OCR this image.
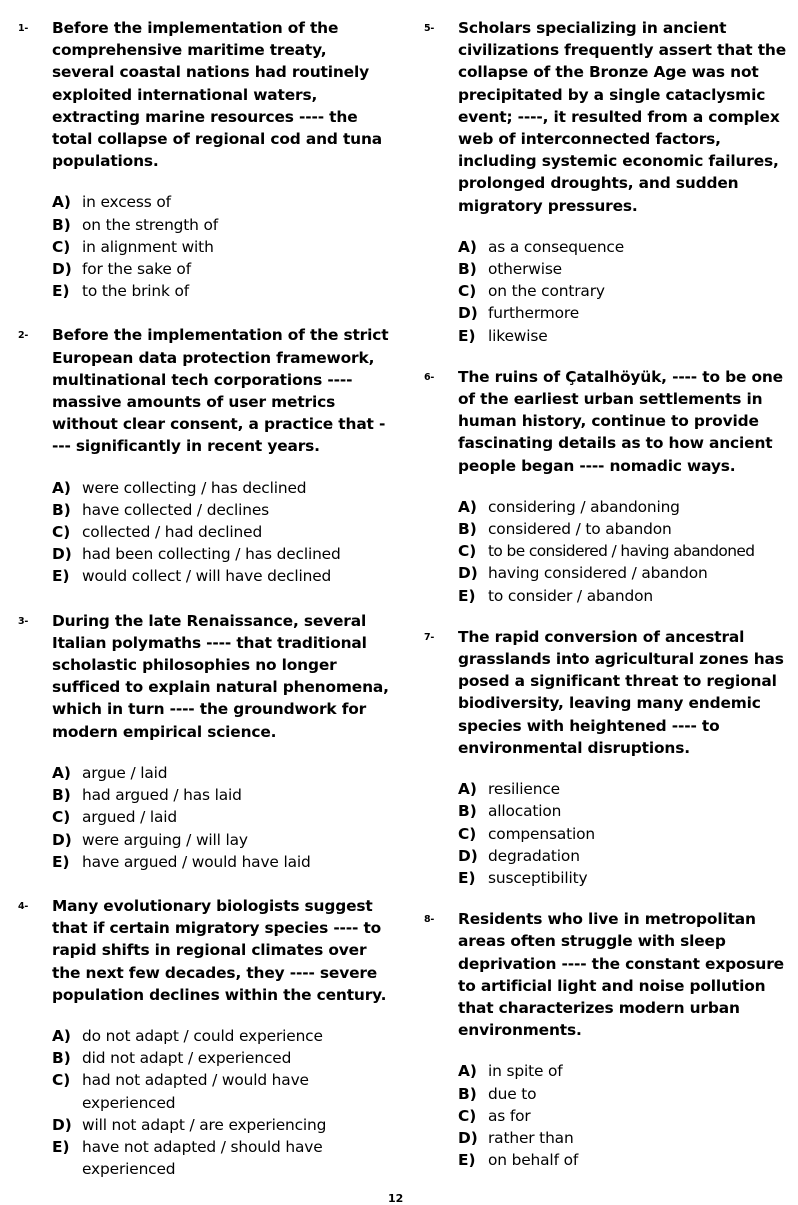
1- Before the implementation of the comprehensive maritime treaty, several coastal nations had routinely exploited international waters, extracting marine resources ---- the total collapse of regional cod and tuna populations.

A) in excess of
B) on the strength of
C) in alignment with
D) for the sake of
E) to the brink of
2- Before the implementation of the strict European data protection framework, multinational tech corporations ---- massive amounts of user metrics without clear consent, a practice that ---- significantly in recent years.

A) were collecting / has declined
B) have collected / declines
C) collected / had declined
D) had been collecting / has declined
E) would collect / will have declined
3- During the late Renaissance, several Italian polymaths ---- that traditional scholastic philosophies no longer sufficed to explain natural phenomena, which in turn ---- the groundwork for modern empirical science.

A) argue / laid
B) had argued / has laid
C) argued / laid
D) were arguing / will lay
E) have argued / would have laid
4- Many evolutionary biologists suggest that if certain migratory species ---- to rapid shifts in regional climates over the next few decades, they ---- severe population declines within the century.

A) do not adapt / could experience
B) did not adapt / experienced
C) had not adapted / would have experienced
D) will not adapt / are experiencing
E) have not adapted / should have experienced
5- Scholars specializing in ancient civilizations frequently assert that the collapse of the Bronze Age was not precipitated by a single cataclysmic event; ----, it resulted from a complex web of interconnected factors, including systemic economic failures, prolonged droughts, and sudden migratory pressures.

A) as a consequence
B) otherwise
C) on the contrary
D) furthermore
E) likewise
6- The ruins of Çatalhöyük, ---- to be one of the earliest urban settlements in human history, continue to provide fascinating details as to how ancient people began ---- nomadic ways.

A) considering / abandoning
B) considered / to abandon
C) to be considered / having abandoned
D) having considered / abandon
E) to consider / abandon
7- The rapid conversion of ancestral grasslands into agricultural zones has posed a significant threat to regional biodiversity, leaving many endemic species with heightened ---- to environmental disruptions.

A) resilience
B) allocation
C) compensation
D) degradation
E) susceptibility
8- Residents who live in metropolitan areas often struggle with sleep deprivation ---- the constant exposure to artificial light and noise pollution that characterizes modern urban environments.

A) in spite of
B) due to
C) as for
D) rather than
E) on behalf of
12
